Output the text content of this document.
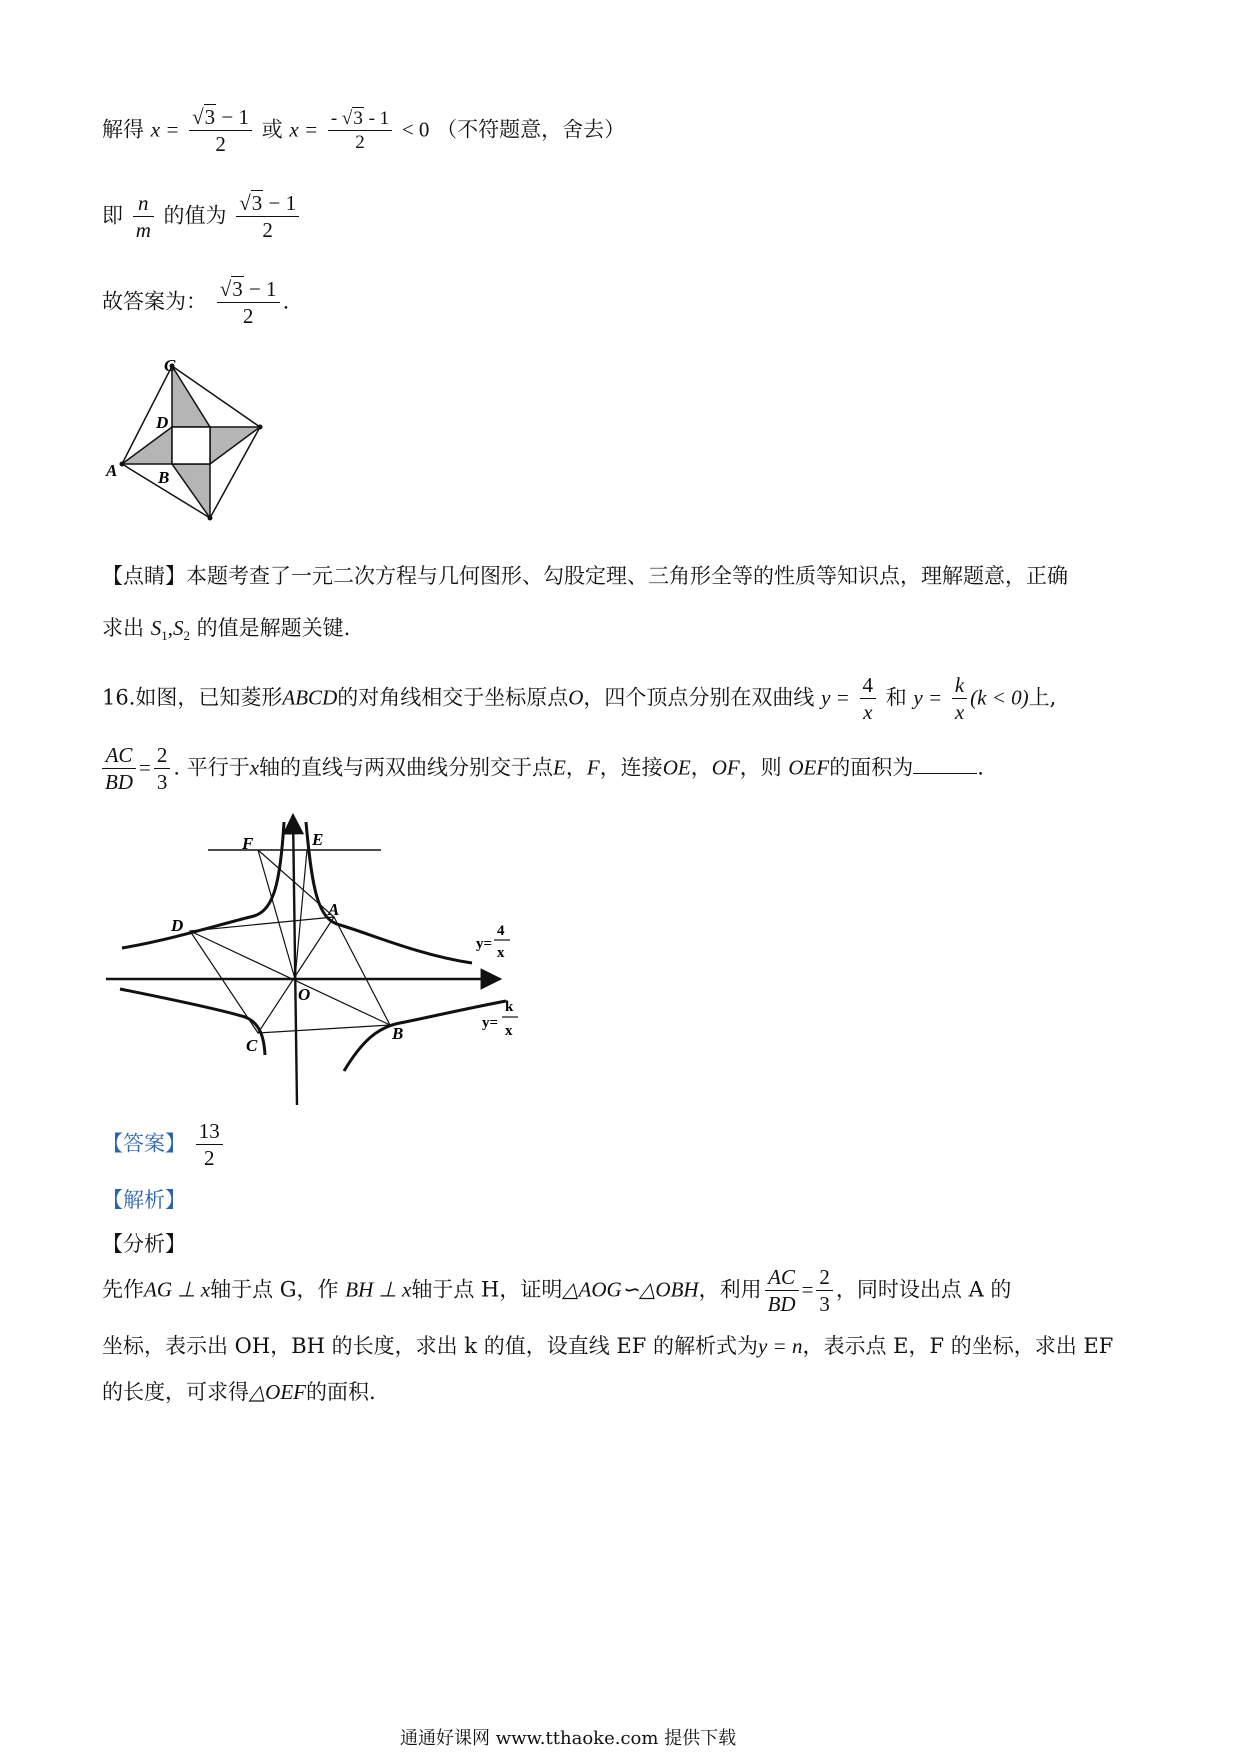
解得 $x = \frac{√3 - 1}{2}$ 或 $x = \frac{- √3 - 1}{2} < 0$ （不符题意，舍去）
即 $\frac{n}{m}$ 的值为 $\frac{√3 - 1}{2}$
故答案为： $\frac{√3 - 1}{2}$ .
C
D
A B
【点睛】本题考查了一元二次方程与几何图形、勾股定理、三角形全等的性质等知识点，理解题意，正确
求出 $S_1,S_2$ 的值是解题关键.
16.如图，已知菱形ABCD的对角线相交于坐标原点O，四个顶点分别在双曲线 $y = \frac{4}{x}$ 和 $y = \frac{k}{x} (k < 0)$上,
$\frac{AC}{BD} = \frac{2}{3}$ . 平行于x轴的直线与两双曲线分别交于点E，F，连接OE，OF，则 OEF的面积为	.
F	E
D
A
O
C
B
y=
4
x
y=
k
x
【答案】 $\frac{13}{2}$
【解析】
【分析】
先作AG ⊥ x轴于点 G，作 BH ⊥ x轴于点 H，证明△AOG∽△OBH，利用 $\frac{AC}{BD} = \frac{2}{3}$ ，同时设出点 A 的
坐标，表示出 OH，BH 的长度，求出 k 的值，设直线 EF 的解析式为y = n，表示点 E，F 的坐标，求出 EF
的长度，可求得△OEF的面积.
通通好课网 www.tthaoke.com 提供下载
